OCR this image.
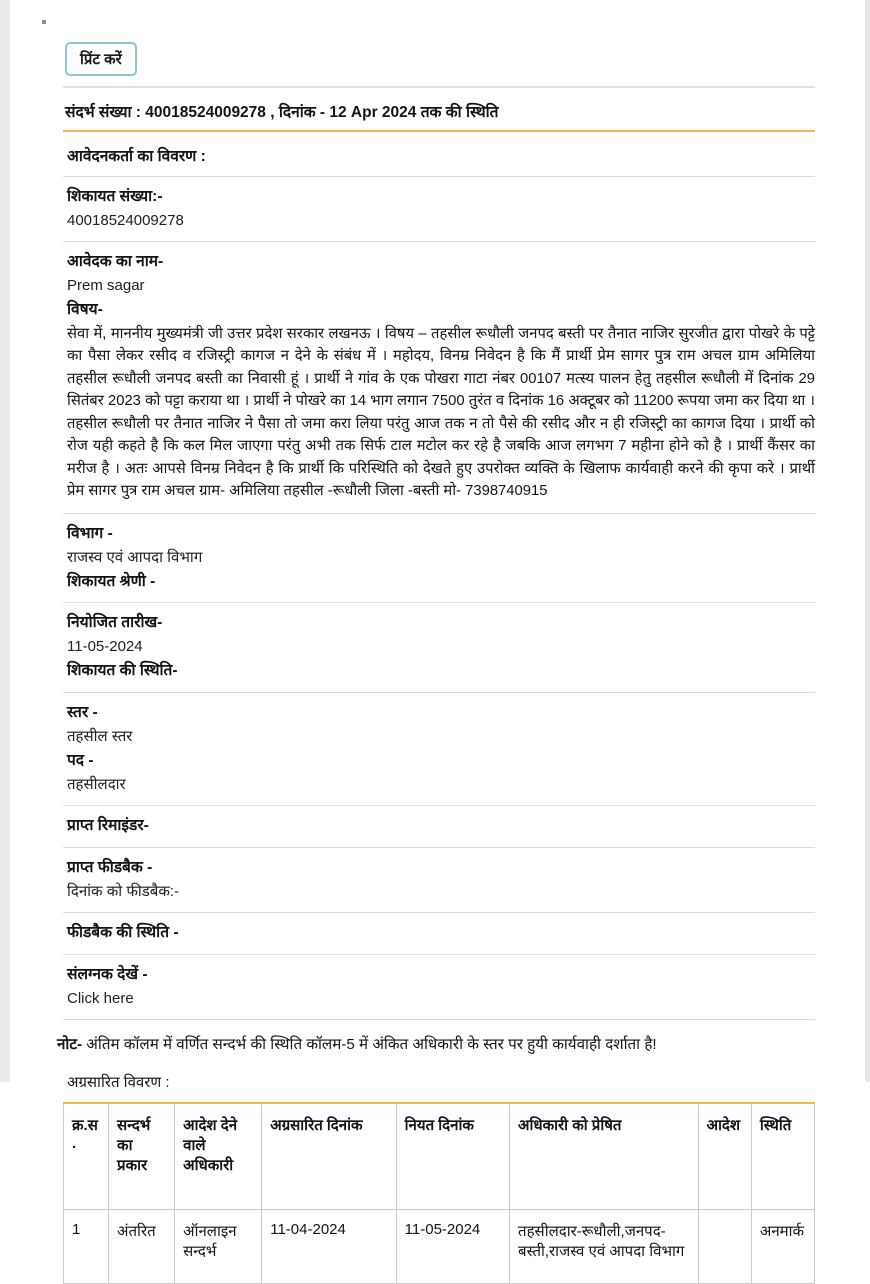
प्रिंट करें
संदर्भ संख्या : 40018524009278 , दिनांक - 12 Apr 2024 तक की स्थिति
आवेदनकर्ता का विवरण :
शिकायत संख्या:-
40018524009278
आवेदक का नाम-
Prem sagar
विषय-
सेवा में, माननीय मुख्यमंत्री जी उत्तर प्रदेश सरकार लखनऊ । विषय – तहसील रूधौली जनपद बस्ती पर तैनात नाजिर सुरजीत द्वारा पोखरे के पट्टे का पैसा लेकर रसीद व रजिस्ट्री कागज न देने के संबंध में । महोदय, विनम्र निवेदन है कि मैं प्रार्थी प्रेम सागर पुत्र राम अचल ग्राम अमिलिया तहसील रूधौली जनपद बस्ती का निवासी हूं । प्रार्थी ने गांव के एक पोखरा गाटा नंबर 00107 मत्स्य पालन हेतु तहसील रूधौली में दिनांक 29 सितंबर 2023 को पट्टा कराया था । प्रार्थी ने पोखरे का 14 भाग लगान 7500 तुरंत व दिनांक 16 अक्टूबर को 11200 रूपया जमा कर दिया था । तहसील रूधौली पर तैनात नाजिर ने पैसा तो जमा करा लिया परंतु आज तक न तो पैसे की रसीद और न ही रजिस्ट्री का कागज दिया । प्रार्थी को रोज यही कहते है कि कल मिल जाएगा परंतु अभी तक सिर्फ टाल मटोल कर रहे है जबकि आज लगभग 7 महीना होने को है । प्रार्थी कैंसर का मरीज है । अतः आपसे विनम्र निवेदन है कि प्रार्थी कि परिस्थिति को देखते हुए उपरोक्त व्यक्ति के खिलाफ कार्यवाही करने की कृपा करे । प्रार्थी प्रेम सागर पुत्र राम अचल ग्राम- अमिलिया तहसील -रूधौली जिला -बस्ती मो- 7398740915
विभाग -
राजस्व एवं आपदा विभाग
शिकायत श्रेणी -
नियोजित तारीख-
11-05-2024
शिकायत की स्थिति-
स्तर -
तहसील स्तर
पद -
तहसीलदार
प्राप्त रिमाइंडर-
प्राप्त फीडबैक -
दिनांक को फीडबैक:-
फीडबैक की स्थिति -
संलग्नक देखें -
Click here
नोट- अंतिम कॉलम में वर्णित सन्दर्भ की स्थिति कॉलम-5 में अंकित अधिकारी के स्तर पर हुयी कार्यवाही दर्शाता है!
अग्रसारित विवरण :
क्र.स.	सन्दर्भ का प्रकार	आदेश देने वाले अधिकारी	अग्रसारित दिनांक	नियत दिनांक	अधिकारी को प्रेषित	आदेश	स्थिति
1	अंतरित	ऑनलाइन सन्दर्भ	11-04-2024	11-05-2024	तहसीलदार-रूधौली,जनपद-बस्ती,राजस्व एवं आपदा विभाग		अनमार्क
